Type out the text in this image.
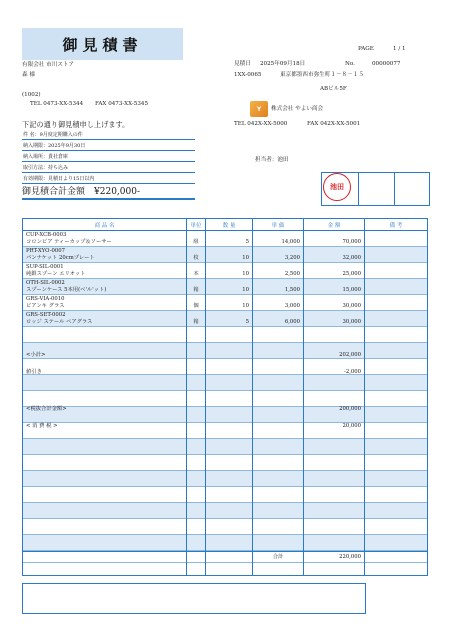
御見積書	PAGE	1 / 1
見積日 2025年09月18日	No.	00000077
有限会社 市川ストア
森 様
(1002)
TEL 0473-XX-5344 FAX 0473-XX-5345
1XX-0065	東京都墨西市弥生町１－８－１５
ABビル5F
Y	株式会社 やよい商会
TEL 042X-XX-5000	FAX 042X-XX-5001
担当者：池田
下記の通り御見積申し上げます。
件 名：9月度定期購入の件
納入期限：2025年9月30日
納入場所：貴社倉庫
取引方法：持ち込み
有効期限：見積日より15日以内
御見積合計金額 ¥220,000-
池田
商 品 名	単位	数 量	単 価	金 額	備 考
CUP-XCB-0003
コロンビア ティーカップ＆ソーサー	組	5	14,000	70,000
PRT-XYO-0007
パンナケット 20cmプレート	枚	10	3,200	32,000
SUP-SIL-0001
純銀スプーン エリオット	本	10	2,500	25,000
OTH-SIL-0002
スプーンケース 5本用(ベ'ル'ット)	箱	10	1,500	15,000
GRS-VIA-0010
ビアンキ グラス	個	10	3,000	30,000
GRS-SET-0002
ロッジ ステール ペアグラス	箱	5	6,000	30,000
<小計>	202,000
値引き	-2,000
<税抜合計金額>	200,000
< 消 費 税 >	20,000
合計	220,000
